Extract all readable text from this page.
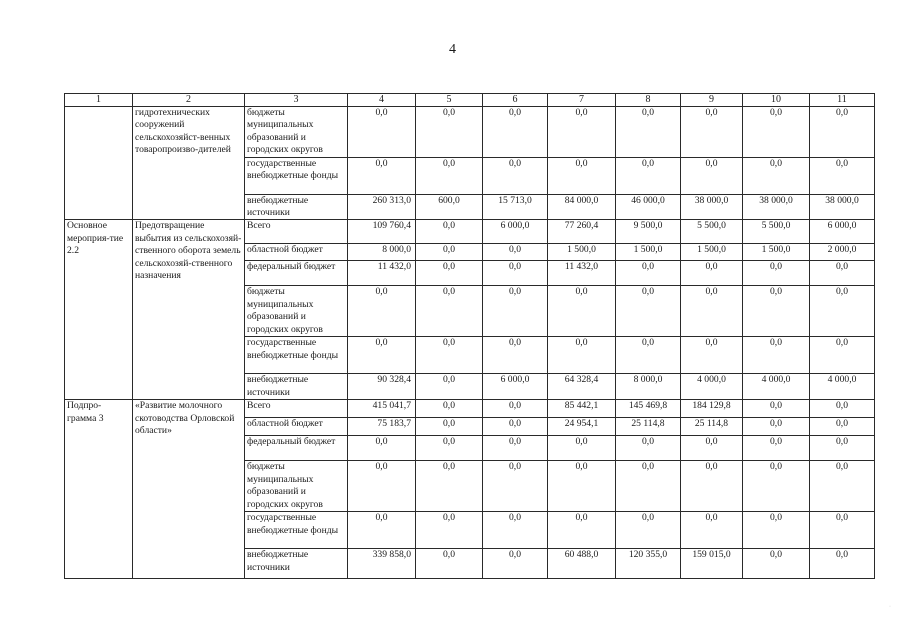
4
1	2	3	4	5	6	7	8	9	10	11
	гидротехнических сооружений сельскохозяйст-венных товаропроизво-дителей	бюджеты муниципальных образований и городских округов	0,0	0,0	0,0	0,0	0,0	0,0	0,0	0,0
		государственные внебюджетные фонды	0,0	0,0	0,0	0,0	0,0	0,0	0,0	0,0
		внебюджетные источники	260 313,0	600,0	15 713,0	84 000,0	46 000,0	38 000,0	38 000,0	38 000,0
Основное мероприя-тие 2.2	Предотвращение выбытия из сельскохозяй-ственного оборота земель сельскохозяй-ственного назначения	Всего	109 760,4	0,0	6 000,0	77 260,4	9 500,0	5 500,0	5 500,0	6 000,0
		областной бюджет	8 000,0	0,0	0,0	1 500,0	1 500,0	1 500,0	1 500,0	2 000,0
		федеральный бюджет	11 432,0	0,0	0,0	11 432,0	0,0	0,0	0,0	0,0
		бюджеты муниципальных образований и городских округов	0,0	0,0	0,0	0,0	0,0	0,0	0,0	0,0
		государственные внебюджетные фонды	0,0	0,0	0,0	0,0	0,0	0,0	0,0	0,0
		внебюджетные источники	90 328,4	0,0	6 000,0	64 328,4	8 000,0	4 000,0	4 000,0	4 000,0
Подпро-грамма 3	«Развитие молочного скотоводства Орловской области»	Всего	415 041,7	0,0	0,0	85 442,1	145 469,8	184 129,8	0,0	0,0
		областной бюджет	75 183,7	0,0	0,0	24 954,1	25 114,8	25 114,8	0,0	0,0
		федеральный бюджет	0,0	0,0	0,0	0,0	0,0	0,0	0,0	0,0
		бюджеты муниципальных образований и городских округов	0,0	0,0	0,0	0,0	0,0	0,0	0,0	0,0
		государственные внебюджетные фонды	0,0	0,0	0,0	0,0	0,0	0,0	0,0	0,0
		внебюджетные источники	339 858,0	0,0	0,0	60 488,0	120 355,0	159 015,0	0,0	0,0
·
